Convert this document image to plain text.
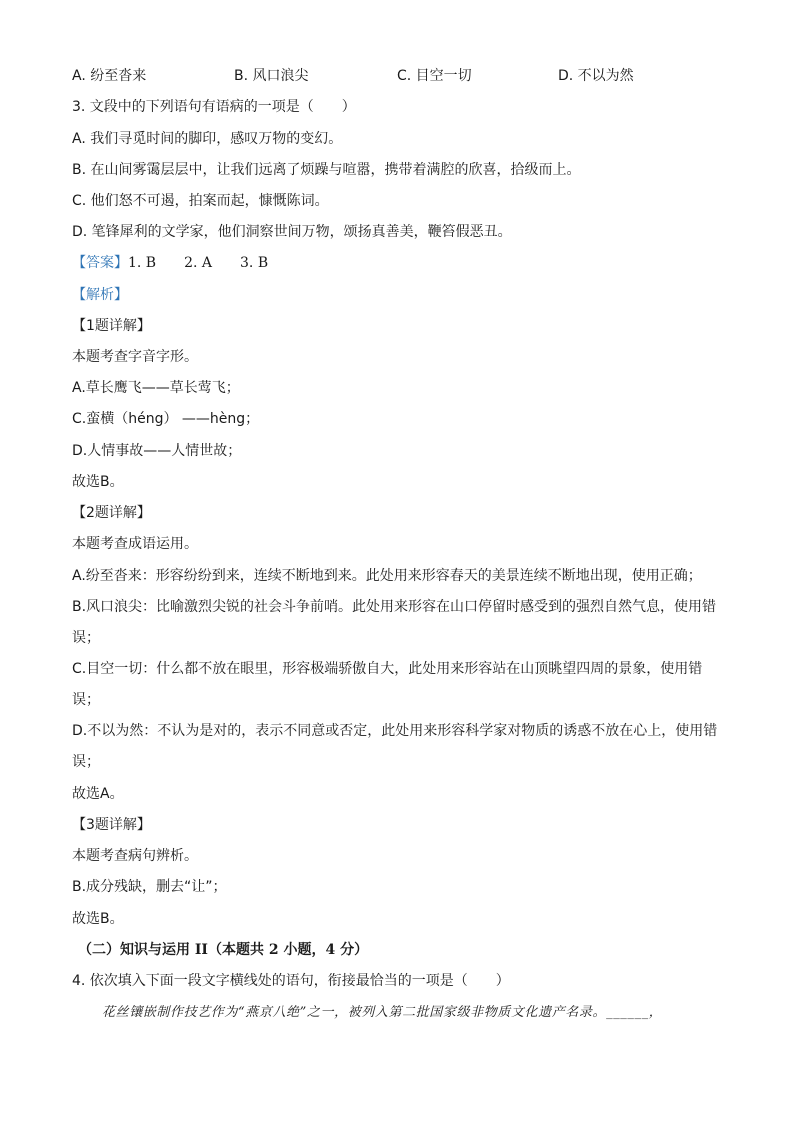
A. 纷至沓来	B. 风口浪尖	C. 目空一切	D. 不以为然
3. 文段中的下列语句有语病的一项是（　　）
A. 我们寻觅时间的脚印，感叹万物的变幻。
B. 在山间雾霭层层中，让我们远离了烦躁与喧嚣，携带着满腔的欣喜，拾级而上。
C. 他们怒不可遏，拍案而起，慷慨陈词。
D. 笔锋犀利的文学家，他们洞察世间万物，颂扬真善美，鞭笞假恶丑。
【答案】1. B　　2. A　　3. B
【解析】
【1题详解】
本题考查字音字形。
A.草长鹰飞——草长莺飞；
C.蛮横（héng） ——hèng；
D.人情事故——人情世故；
故选B。
【2题详解】
本题考查成语运用。
A.纷至沓来：形容纷纷到来，连续不断地到来。此处用来形容春天的美景连续不断地出现，使用正确；
B.风口浪尖：比喻激烈尖锐的社会斗争前哨。此处用来形容在山口停留时感受到的强烈自然气息，使用错
误；
C.目空一切：什么都不放在眼里，形容极端骄傲自大，此处用来形容站在山顶眺望四周的景象，使用错
误；
D.不以为然：不认为是对的，表示不同意或否定，此处用来形容科学家对物质的诱惑不放在心上，使用错
误；
故选A。
【3题详解】
本题考查病句辨析。
B.成分残缺，删去“让”；
故选B。
（二）知识与运用 II（本题共 2 小题，4 分）
4. 依次填入下面一段文字横线处的语句，衔接最恰当的一项是（　　）
花丝镶嵌制作技艺作为“燕京八绝”之一，被列入第二批国家级非物质文化遗产名录。______，
